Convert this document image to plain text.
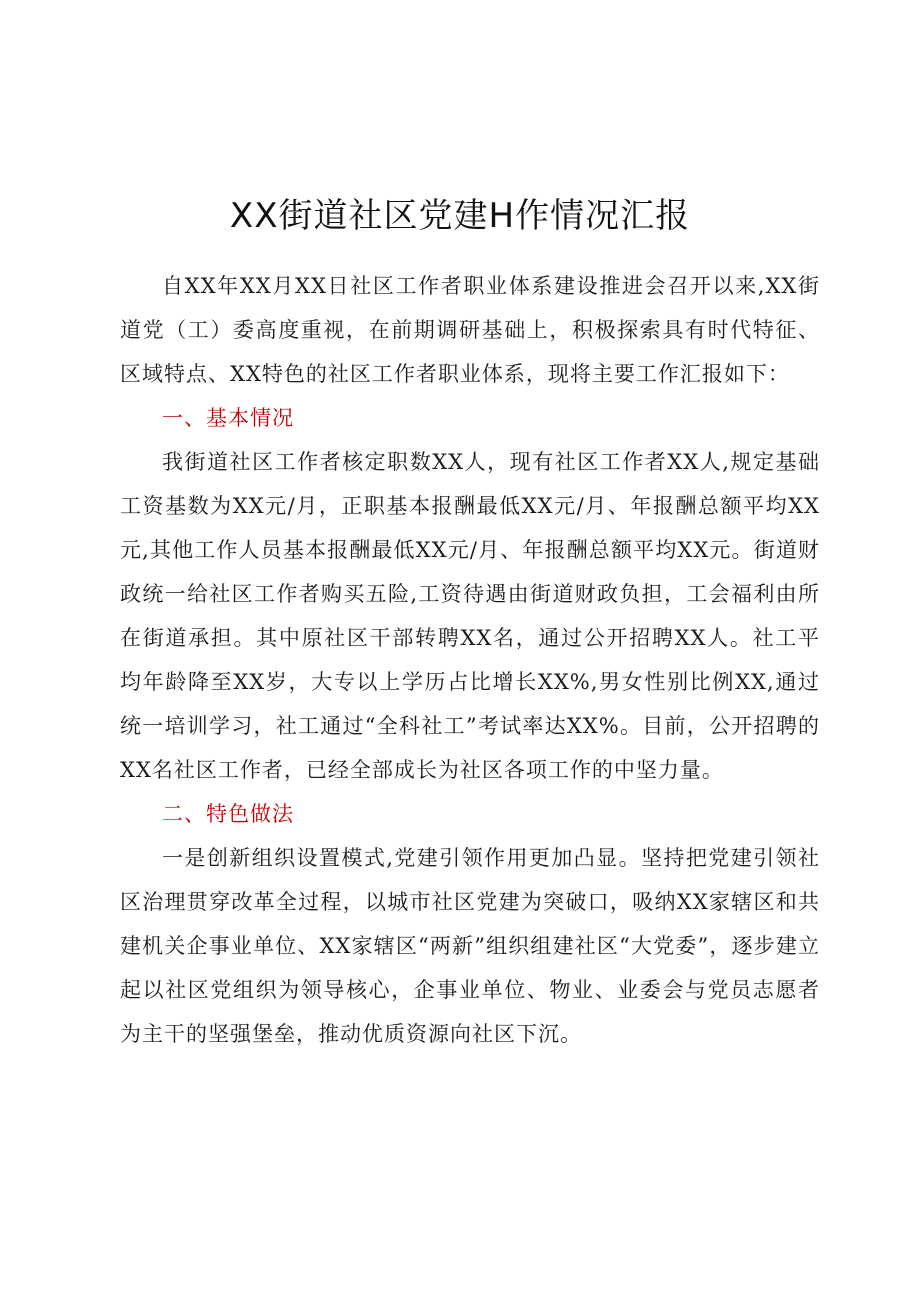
XX街道社区党建H作情况汇报

自XX年XX月XX日社区工作者职业体系建设推进会召开以来,XX街道党（工）委高度重视，在前期调研基础上，积极探索具有时代特征、区域特点、XX特色的社区工作者职业体系，现将主要工作汇报如下：

一、基本情况

我街道社区工作者核定职数XX人，现有社区工作者XX人,规定基础工资基数为XX元/月，正职基本报酬最低XX元/月、年报酬总额平均XX元,其他工作人员基本报酬最低XX元/月、年报酬总额平均XX元。街道财政统一给社区工作者购买五险,工资待遇由街道财政负担，工会福利由所在街道承担。其中原社区干部转聘XX名，通过公开招聘XX人。社工平均年龄降至XX岁，大专以上学历占比增长XX%,男女性别比例XX,通过统一培训学习，社工通过“全科社工”考试率达XX%。目前，公开招聘的XX名社区工作者，已经全部成长为社区各项工作的中坚力量。

二、特色做法

一是创新组织设置模式,党建引领作用更加凸显。坚持把党建引领社区治理贯穿改革全过程，以城市社区党建为突破口，吸纳XX家辖区和共建机关企事业单位、XX家辖区“两新”组织组建社区“大党委”，逐步建立起以社区党组织为领导核心，企事业单位、物业、业委会与党员志愿者为主干的坚强堡垒，推动优质资源向社区下沉。
